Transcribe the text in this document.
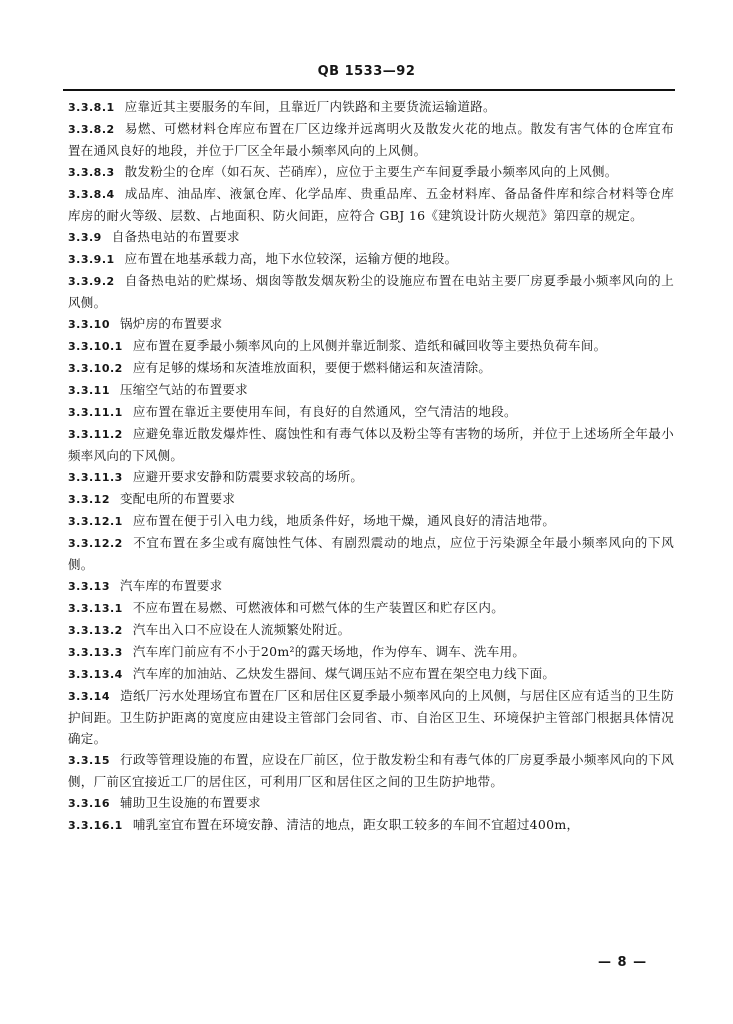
QB 1533—92

3.3.8.1 应靠近其主要服务的车间，且靠近厂内铁路和主要货流运输道路。

3.3.8.2 易燃、可燃材料仓库应布置在厂区边缘并远离明火及散发火花的地点。散发有害气体的仓库宜布置在通风良好的地段，并位于厂区全年最小频率风向的上风侧。

3.3.8.3 散发粉尘的仓库（如石灰、芒硝库），应位于主要生产车间夏季最小频率风向的上风侧。

3.3.8.4 成品库、油品库、液氯仓库、化学品库、贵重品库、五金材料库、备品备件库和综合材料等仓库库房的耐火等级、层数、占地面积、防火间距，应符合 GBJ 16《建筑设计防火规范》第四章的规定。

3.3.9 自备热电站的布置要求

3.3.9.1 应布置在地基承载力高，地下水位较深，运输方便的地段。

3.3.9.2 自备热电站的贮煤场、烟囱等散发烟灰粉尘的设施应布置在电站主要厂房夏季最小频率风向的上风侧。

3.3.10 锅炉房的布置要求

3.3.10.1 应布置在夏季最小频率风向的上风侧并靠近制浆、造纸和碱回收等主要热负荷车间。

3.3.10.2 应有足够的煤场和灰渣堆放面积，要便于燃料储运和灰渣清除。

3.3.11 压缩空气站的布置要求

3.3.11.1 应布置在靠近主要使用车间，有良好的自然通风，空气清洁的地段。

3.3.11.2 应避免靠近散发爆炸性、腐蚀性和有毒气体以及粉尘等有害物的场所，并位于上述场所全年最小频率风向的下风侧。

3.3.11.3 应避开要求安静和防震要求较高的场所。

3.3.12 变配电所的布置要求

3.3.12.1 应布置在便于引入电力线，地质条件好，场地干燥，通风良好的清洁地带。

3.3.12.2 不宜布置在多尘或有腐蚀性气体、有剧烈震动的地点，应位于污染源全年最小频率风向的下风侧。

3.3.13 汽车库的布置要求

3.3.13.1 不应布置在易燃、可燃液体和可燃气体的生产装置区和贮存区内。

3.3.13.2 汽车出入口不应设在人流频繁处附近。

3.3.13.3 汽车库门前应有不小于20m²的露天场地，作为停车、调车、洗车用。

3.3.13.4 汽车库的加油站、乙炔发生器间、煤气调压站不应布置在架空电力线下面。

3.3.14 造纸厂污水处理场宜布置在厂区和居住区夏季最小频率风向的上风侧，与居住区应有适当的卫生防护间距。卫生防护距离的宽度应由建设主管部门会同省、市、自治区卫生、环境保护主管部门根据具体情况确定。

3.3.15 行政等管理设施的布置，应设在厂前区，位于散发粉尘和有毒气体的厂房夏季最小频率风向的下风侧，厂前区宜接近工厂的居住区，可利用厂区和居住区之间的卫生防护地带。

3.3.16 辅助卫生设施的布置要求

3.3.16.1 哺乳室宜布置在环境安静、清洁的地点，距女职工较多的车间不宜超过400m，

— 8 —
